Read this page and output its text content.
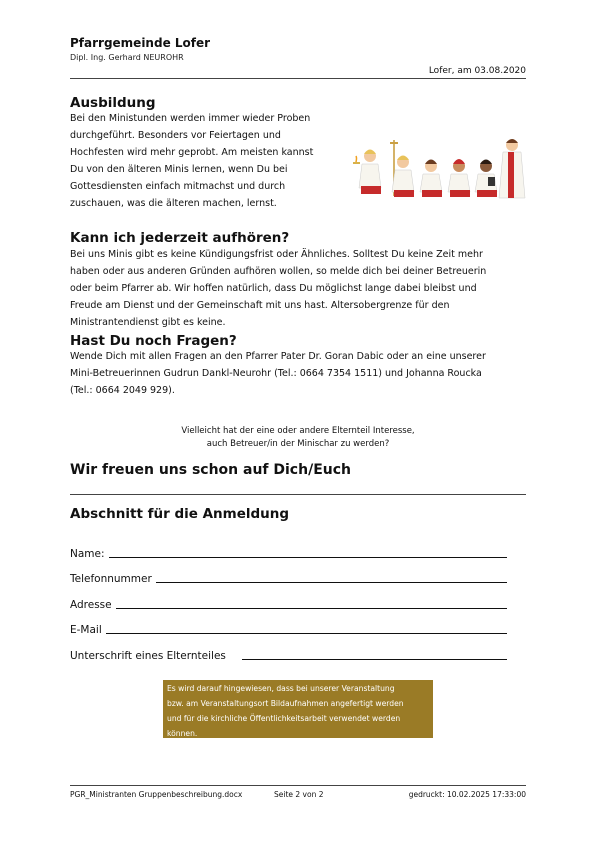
Pfarrgemeinde Lofer
Dipl. Ing. Gerhard NEUROHR
Lofer, am 03.08.2020
Ausbildung
Bei den Ministunden werden immer wieder Proben
durchgeführt. Besonders vor Feiertagen und
Hochfesten wird mehr geprobt. Am meisten kannst
Du von den älteren Minis lernen, wenn Du bei
Gottesdiensten einfach mitmachst und durch
zuschauen, was die älteren machen, lernst.
Kann ich jederzeit aufhören?
Bei uns Minis gibt es keine Kündigungsfrist oder Ähnliches. Solltest Du keine Zeit mehr
haben oder aus anderen Gründen aufhören wollen, so melde dich bei deiner Betreuerin
oder beim Pfarrer ab. Wir hoffen natürlich, dass Du möglichst lange dabei bleibst und
Freude am Dienst und der Gemeinschaft mit uns hast. Altersobergrenze für den
Ministrantendienst gibt es keine.
Hast Du noch Fragen?
Wende Dich mit allen Fragen an den Pfarrer Pater Dr. Goran Dabic oder an eine unserer
Mini-Betreuerinnen Gudrun Dankl-Neurohr (Tel.: 0664 7354 1511) und Johanna Roucka
(Tel.: 0664 2049 929).
Vielleicht hat der eine oder andere Elternteil Interesse,
auch Betreuer/in der Minischar zu werden?
Wir freuen uns schon auf Dich/Euch
Abschnitt für die Anmeldung
Name:
Telefonnummer
Adresse
E-Mail
Unterschrift eines Elternteiles
Es wird darauf hingewiesen, dass bei unserer Veranstaltung
bzw. am Veranstaltungsort Bildaufnahmen angefertigt werden
und für die kirchliche Öffentlichkeitsarbeit verwendet werden
können.
PGR_Ministranten Gruppenbeschreibung.docx	Seite 2 von 2	gedruckt: 10.02.2025 17:33:00
